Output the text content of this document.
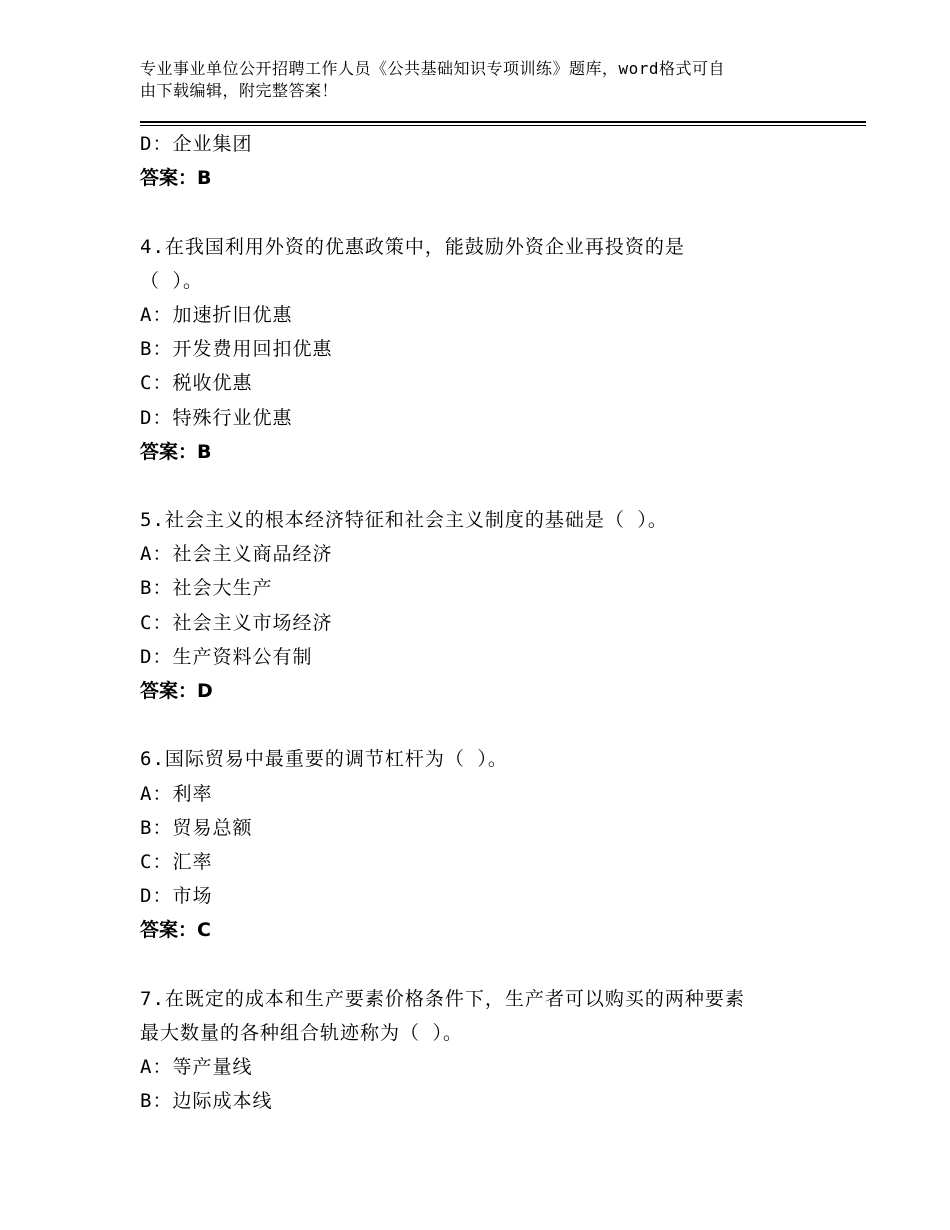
专业事业单位公开招聘工作人员《公共基础知识专项训练》题库，word格式可自
由下载编辑，附完整答案！
D：企业集团
答案：B
4.在我国利用外资的优惠政策中，能鼓励外资企业再投资的是
（ ）。
A：加速折旧优惠
B：开发费用回扣优惠
C：税收优惠
D：特殊行业优惠
答案：B
5.社会主义的根本经济特征和社会主义制度的基础是（ ）。
A：社会主义商品经济
B：社会大生产
C：社会主义市场经济
D：生产资料公有制
答案：D
6.国际贸易中最重要的调节杠杆为（ ）。
A：利率
B：贸易总额
C：汇率
D：市场
答案：C
7.在既定的成本和生产要素价格条件下，生产者可以购买的两种要素
最大数量的各种组合轨迹称为（ ）。
A：等产量线
B：边际成本线
